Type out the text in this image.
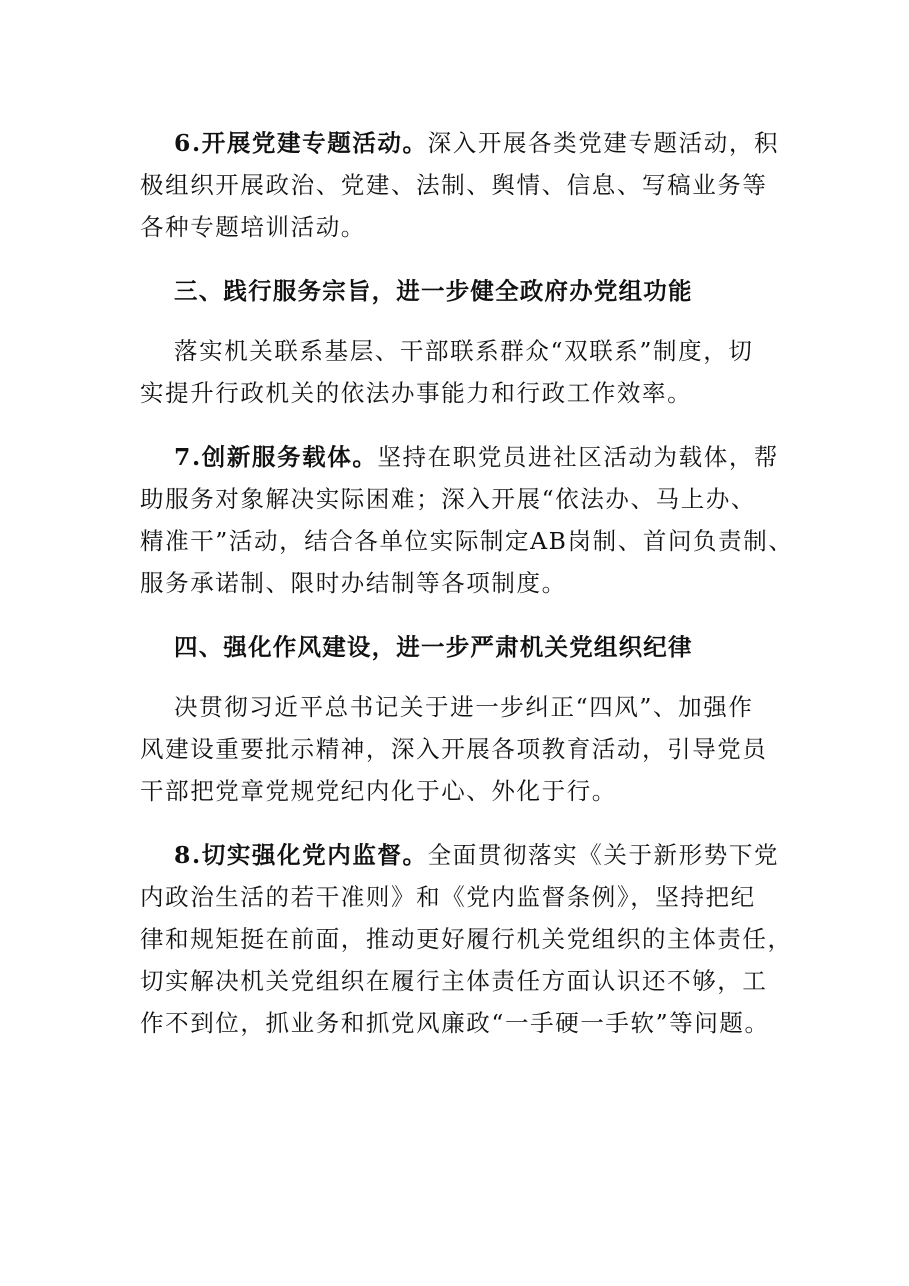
6.开展党建专题活动。深入开展各类党建专题活动，积
极组织开展政治、党建、法制、舆情、信息、写稿业务等
各种专题培训活动。
三、践行服务宗旨，进一步健全政府办党组功能
落实机关联系基层、干部联系群众“双联系”制度，切
实提升行政机关的依法办事能力和行政工作效率。
7.创新服务载体。坚持在职党员进社区活动为载体，帮
助服务对象解决实际困难；深入开展“依法办、马上办、
精准干”活动，结合各单位实际制定AB岗制、首问负责制、
服务承诺制、限时办结制等各项制度。
四、强化作风建设，进一步严肃机关党组织纪律
决贯彻习近平总书记关于进一步纠正“四风”、加强作
风建设重要批示精神，深入开展各项教育活动，引导党员
干部把党章党规党纪内化于心、外化于行。
8.切实强化党内监督。全面贯彻落实《关于新形势下党
内政治生活的若干准则》和《党内监督条例》，坚持把纪
律和规矩挺在前面，推动更好履行机关党组织的主体责任，
切实解决机关党组织在履行主体责任方面认识还不够，工
作不到位，抓业务和抓党风廉政“一手硬一手软”等问题。
